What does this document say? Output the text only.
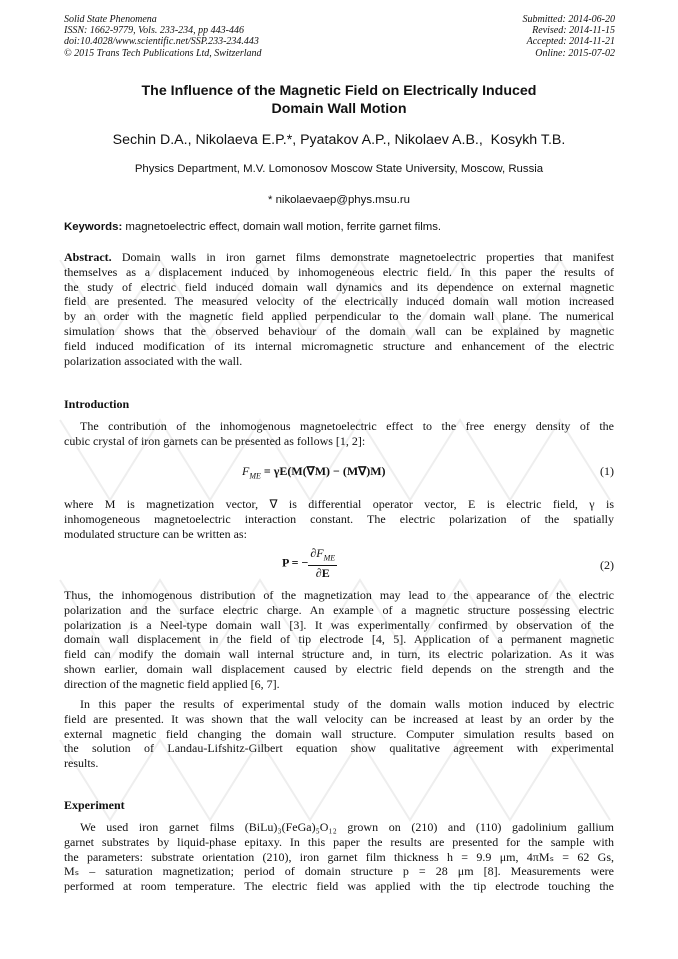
Solid State Phenomena
ISSN: 1662-9779, Vols. 233-234, pp 443-446
doi:10.4028/www.scientific.net/SSP.233-234.443
© 2015 Trans Tech Publications Ltd, Switzerland
Submitted: 2014-06-20
Revised: 2014-11-15
Accepted: 2014-11-21
Online: 2015-07-02
The Influence of the Magnetic Field on Electrically Induced
Domain Wall Motion
Sechin D.A., Nikolaeva E.P.*, Pyatakov A.P., Nikolaev A.B.,  Kosykh T.B.
Physics Department, M.V. Lomonosov Moscow State University, Moscow, Russia
* nikolaevaep@phys.msu.ru
Keywords: magnetoelectric effect, domain wall motion, ferrite garnet films.
Abstract. Domain walls in iron garnet films demonstrate magnetoelectric properties that manifest
themselves as a displacement induced by inhomogeneous electric field. In this paper the results of
the study of electric field induced domain wall dynamics and its dependence on external magnetic
field are presented. The measured velocity of the electrically induced domain wall motion increased
by an order with the magnetic field applied perpendicular to the domain wall plane. The numerical
simulation shows that the observed behaviour of the domain wall can be explained by magnetic
field induced modification of its internal micromagnetic structure and enhancement of the electric
polarization associated with the wall.
Introduction
The contribution of the inhomogenous magnetoelectric effect to the free energy density of the
cubic crystal of iron garnets can be presented as follows [1, 2]:
$F_{ME} = \gamma E(M(\nabla M) - (M\nabla)M)$	(1)
where M is magnetization vector, ∇ is differential operator vector, E is electric field, γ is
inhomogeneous magnetoelectric interaction constant. The electric polarization of the spatially
modulated structure can be written as:
P = − $\frac{\partial F_{ME}}{\partial E}$	(2)
Thus, the inhomogenous distribution of the magnetization may lead to the appearance of the electric
polarization and the surface electric charge. An example of a magnetic structure possessing electric
polarization is a Neel-type domain wall [3]. It was experimentally confirmed by observation of the
domain wall displacement in the field of tip electrode [4, 5]. Application of a permanent magnetic
field can modify the domain wall internal structure and, in turn, its electric polarization. As it was
shown earlier, domain wall displacement caused by electric field depends on the strength and the
direction of the magnetic field applied [6, 7].
In this paper the results of experimental study of the domain walls motion induced by electric
field are presented. It was shown that the wall velocity can be increased at least by an order by the
external magnetic field changing the domain wall structure. Computer simulation results based on
the solution of Landau-Lifshitz-Gilbert equation show qualitative agreement with experimental
results.
Experiment
We used iron garnet films (BiLu)₃(FeGa)₅O₁₂ grown on (210) and (110) gadolinium gallium
garnet substrates by liquid-phase epitaxy. In this paper the results are presented for the sample with
the parameters: substrate orientation (210), iron garnet film thickness h = 9.9 μm, 4πMₛ = 62 Gs,
Mₛ – saturation magnetization; period of domain structure p = 28 μm [8]. Measurements were
performed at room temperature. The electric field was applied with the tip electrode touching the
